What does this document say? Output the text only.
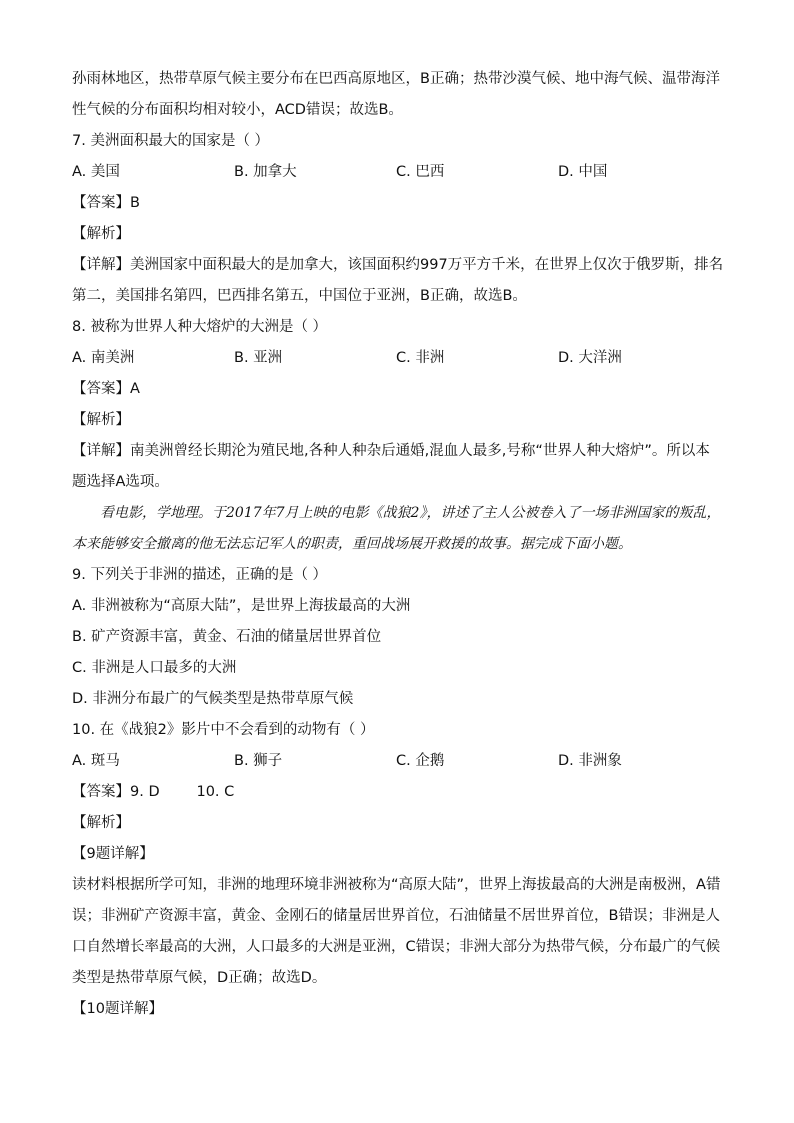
孙雨林地区，热带草原气候主要分布在巴西高原地区，B正确；热带沙漠气候、地中海气候、温带海洋性气候的分布面积均相对较小，ACD错误；故选B。

7. 美洲面积最大的国家是（ ）
A. 美国	B. 加拿大	C. 巴西	D. 中国
【答案】B
【解析】

【详解】美洲国家中面积最大的是加拿大，该国面积约997万平方千米，在世界上仅次于俄罗斯，排名第二，美国排名第四，巴西排名第五，中国位于亚洲，B正确，故选B。

8. 被称为世界人种大熔炉的大洲是（ ）
A. 南美洲	B. 亚洲	C. 非洲	D. 大洋洲
【答案】A
【解析】

【详解】南美洲曾经长期沦为殖民地,各种人种杂后通婚,混血人最多,号称“世界人种大熔炉”。所以本题选择A选项。

看电影，学地理。于2017年7月上映的电影《战狼2》，讲述了主人公被卷入了一场非洲国家的叛乱，本来能够安全撤离的他无法忘记军人的职责，重回战场展开救援的故事。据完成下面小题。

9. 下列关于非洲的描述，正确的是（ ）
A. 非洲被称为“高原大陆”，是世界上海拔最高的大洲
B. 矿产资源丰富，黄金、石油的储量居世界首位
C. 非洲是人口最多的大洲
D. 非洲分布最广的气候类型是热带草原气候
10. 在《战狼2》影片中不会看到的动物有（ ）
A. 斑马	B. 狮子	C. 企鹅	D. 非洲象
【答案】9. D        10. C
【解析】
【9题详解】

读材料根据所学可知，非洲的地理环境非洲被称为“高原大陆”，世界上海拔最高的大洲是南极洲，A错误；非洲矿产资源丰富，黄金、金刚石的储量居世界首位，石油储量不居世界首位，B错误；非洲是人口自然增长率最高的大洲，人口最多的大洲是亚洲，C错误；非洲大部分为热带气候，分布最广的气候类型是热带草原气候，D正确；故选D。

【10题详解】
